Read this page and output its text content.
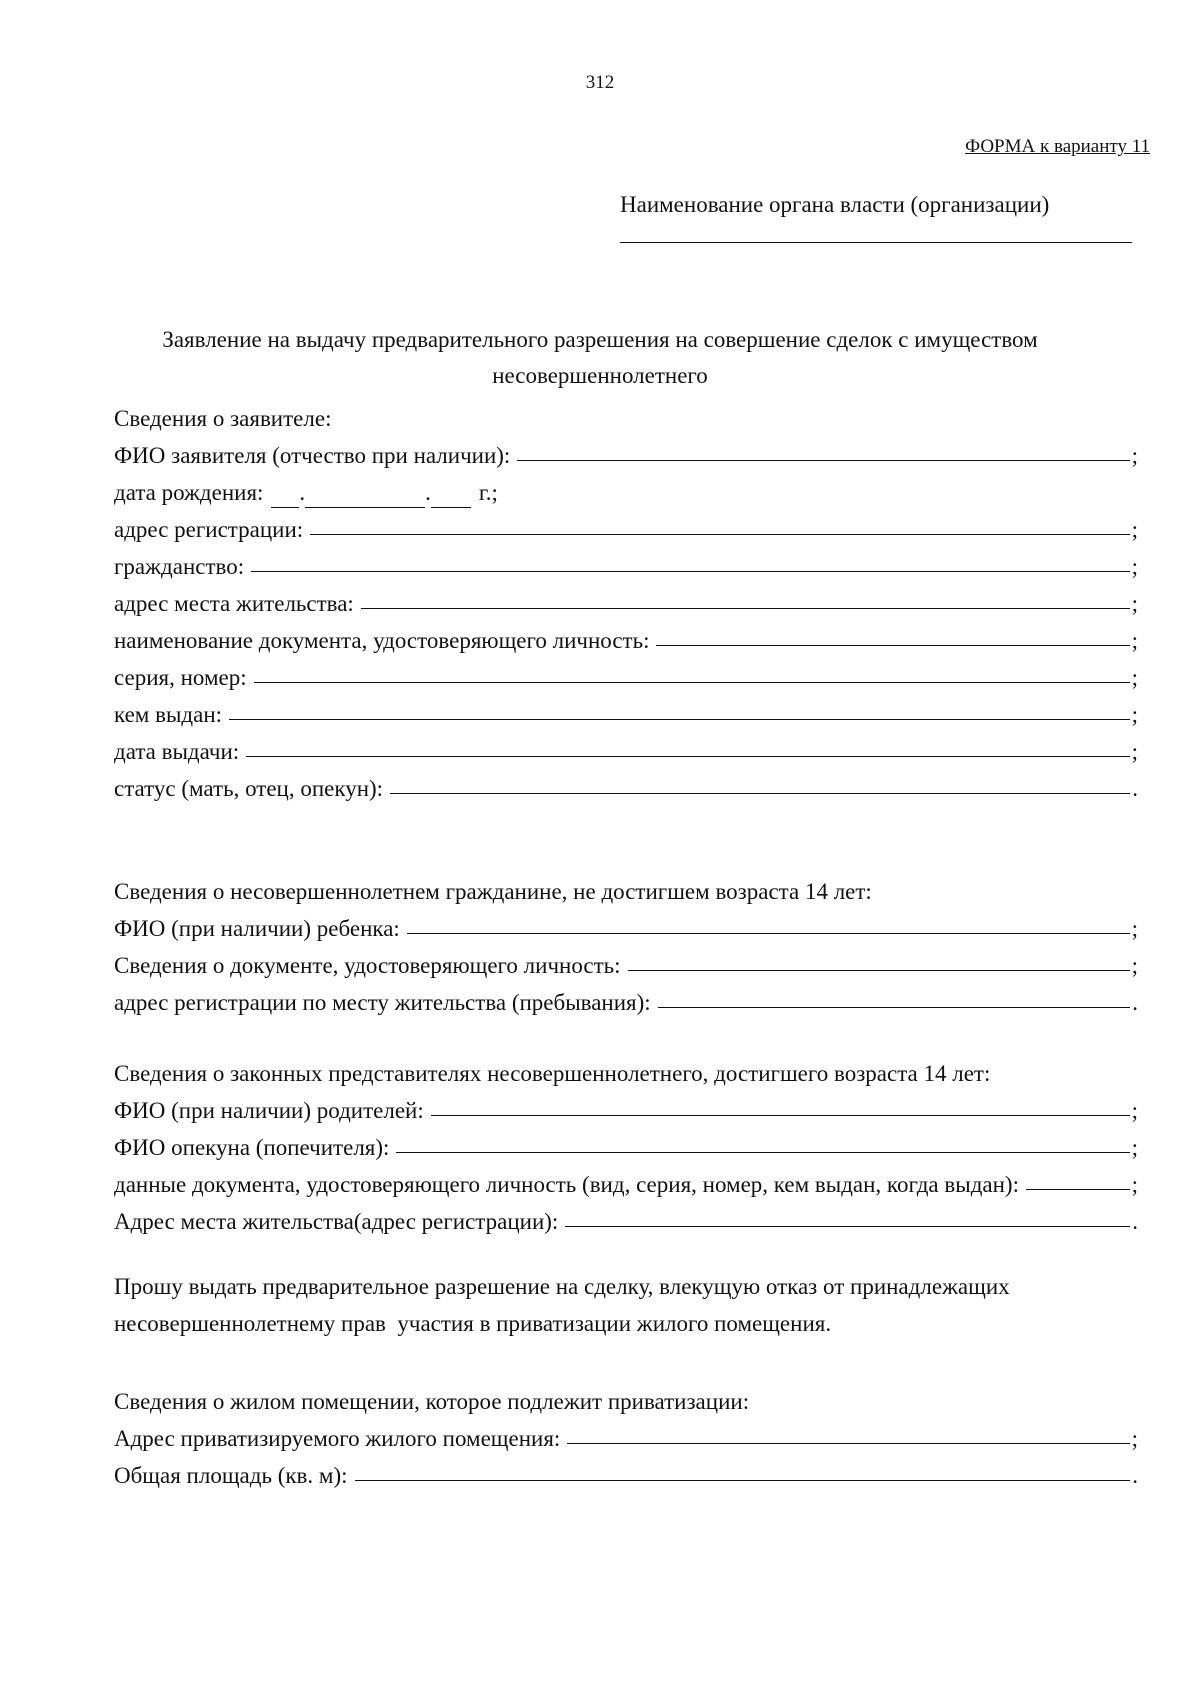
312
ФОРМА к варианту 11
Наименование органа власти (организации)
Заявление на выдачу предварительного разрешения на совершение сделок с имуществом несовершеннолетнего
Сведения о заявителе:
ФИО заявителя (отчество при наличии):	;
дата рождения: .	. г.;
адрес регистрации:	;
гражданство:	;
адрес места жительства:	;
наименование документа, удостоверяющего личность:	;
серия, номер:	;
кем выдан:	;
дата выдачи:	;
статус (мать, отец, опекун):	.
Сведения о несовершеннолетнем гражданине, не достигшем возраста 14 лет:
ФИО (при наличии) ребенка:	;
Сведения о документе, удостоверяющего личность:	;
адрес регистрации по месту жительства (пребывания):	.
Сведения о законных представителях несовершеннолетнего, достигшего возраста 14 лет:
ФИО (при наличии) родителей:	;
ФИО опекуна (попечителя):	;
данные документа, удостоверяющего личность (вид, серия, номер, кем выдан, когда выдан):	;
Адрес места жительства(адрес регистрации):	.
Прошу выдать предварительное разрешение на сделку, влекущую отказ от принадлежащих
несовершеннолетнему прав  участия в приватизации жилого помещения.
Сведения о жилом помещении, которое подлежит приватизации:
Адрес приватизируемого жилого помещения:	;
Общая площадь (кв. м):	.
